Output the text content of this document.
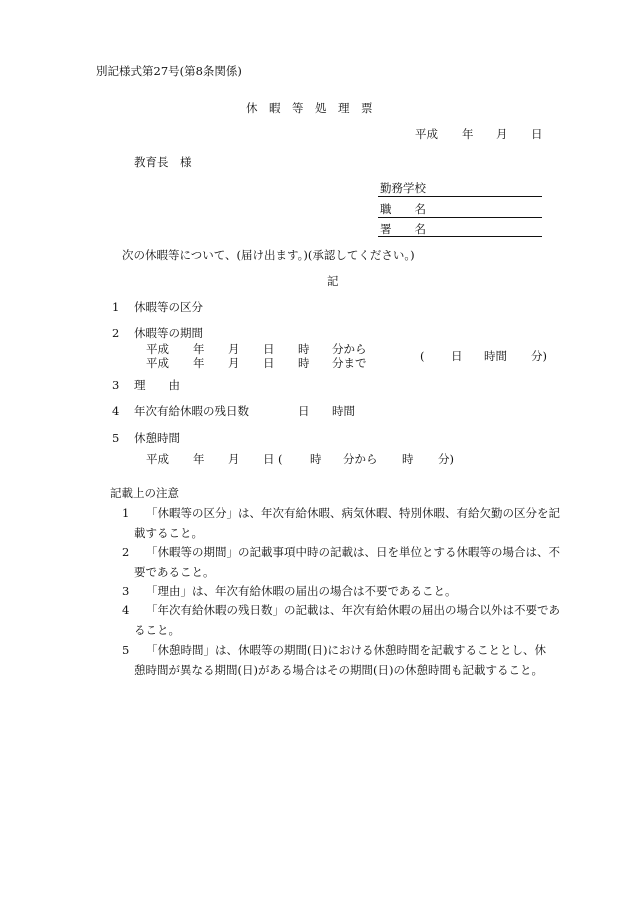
別記様式第27号(第8条関係)
休　暇　等　処　理　票
平成 年 月 日
教育長　様
勤務学校
職　　名
署　　名
次の休暇等について、(届け出ます。)(承認してください。)
記
1 休暇等の区分
2 休暇等の期間
平成 年 月 日 時 分から
平成 年 月 日 時 分まで	( 日 時間 分)
3 理　　由
4 年次有給休暇の残日数	日 時間
5 休憩時間
平成 年 月 日 ( 時 分から 時 分)
記載上の注意
1 「休暇等の区分」は、年次有給休暇、病気休暇、特別休暇、有給欠勤の区分を記
載すること。
2 「休暇等の期間」の記載事項中時の記載は、日を単位とする休暇等の場合は、不
要であること。
3 「理由」は、年次有給休暇の届出の場合は不要であること。
4 「年次有給休暇の残日数」の記載は、年次有給休暇の届出の場合以外は不要であ
ること。
5 「休憩時間」は、休暇等の期間(日)における休憩時間を記載することとし、休
憩時間が異なる期間(日)がある場合はその期間(日)の休憩時間も記載すること。
